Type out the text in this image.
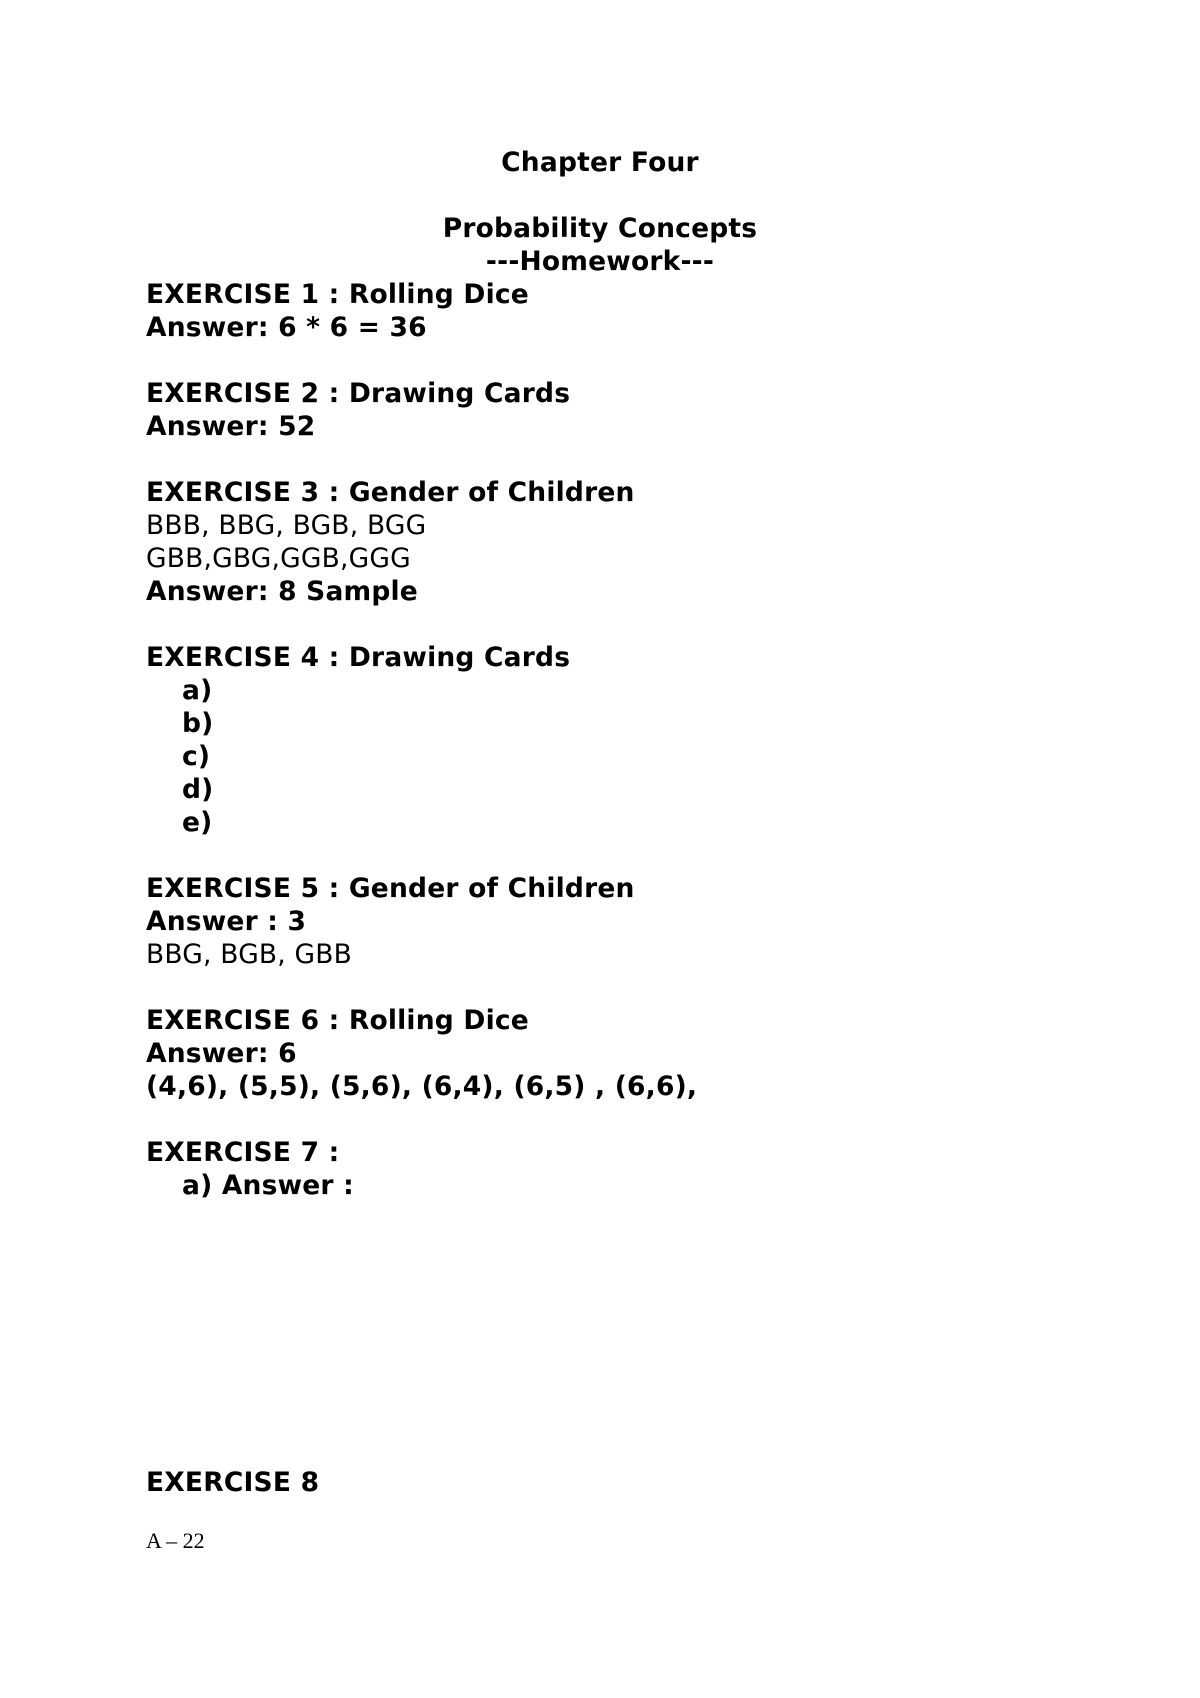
Chapter Four
Probability Concepts
---Homework---
EXERCISE 1 : Rolling Dice
Answer: 6 * 6 = 36
EXERCISE 2 : Drawing Cards
Answer: 52
EXERCISE 3 : Gender of Children
BBB, BBG, BGB, BGG
GBB,GBG,GGB,GGG
Answer: 8 Sample
EXERCISE 4 : Drawing Cards
a)
b)
c)
d)
e)
EXERCISE 5 : Gender of Children
Answer : 3
BBG, BGB, GBB
EXERCISE 6 : Rolling Dice
Answer: 6
(4,6), (5,5), (5,6), (6,4), (6,5) , (6,6),
EXERCISE 7 :
a) Answer :
EXERCISE 8
A – 22
